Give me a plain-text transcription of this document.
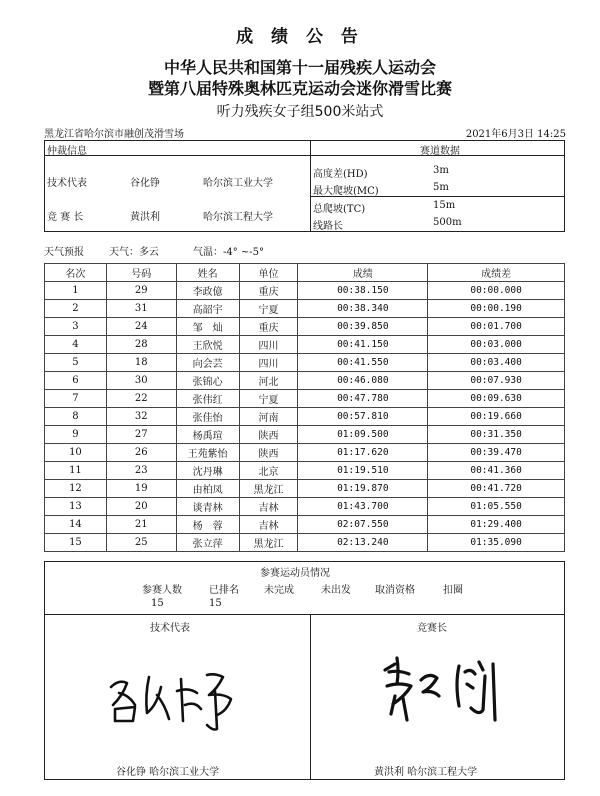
成 绩 公 告
中华人民共和国第十一届残疾人运动会
暨第八届特殊奥林匹克运动会迷你滑雪比赛
听力残疾女子组500米站式
黑龙江省哈尔滨市融创茂滑雪场	2021年6月3日 14:25
仲裁信息	赛道数据
技术代表	谷化铮	哈尔滨工业大学
竞 赛 长	黄洪利	哈尔滨工程大学
高度差(HD)	3m
最大爬坡(MC)	5m
总爬坡(TC)	15m
线路长	500m
天气预报	天气：多云	气温：-4° ~-5°
名次	号码	姓名	单位	成绩	成绩差
1	29	李政億	重庆	00:38.150	00:00.000
2	31	高韶宇	宁夏	00:38.340	00:00.190
3	24	邹　灿	重庆	00:39.850	00:01.700
4	28	王欣悦	四川	00:41.150	00:03.000
5	18	向会芸	四川	00:41.550	00:03.400
6	30	张锦心	河北	00:46.080	00:07.930
7	22	张伟红	宁夏	00:47.780	00:09.630
8	32	张佳怡	河南	00:57.810	00:19.660
9	27	杨禹瑄	陕西	01:09.500	00:31.350
10	26	王苑紫怡	陕西	01:17.620	00:39.470
11	23	沈丹琳	北京	01:19.510	00:41.360
12	19	由柏凤	黑龙江	01:19.870	00:41.720
13	20	谈青林	吉林	01:43.700	01:05.550
14	21	杨　蓉	吉林	02:07.550	01:29.400
15	25	张立萍	黑龙江	02:13.240	01:35.090
参赛运动员情况
参赛人数	已排名	未完成	未出发 取消资格	扣圈
15	15
技术代表	竞赛长
谷化铮 哈尔滨工业大学	黄洪利 哈尔滨工程大学
